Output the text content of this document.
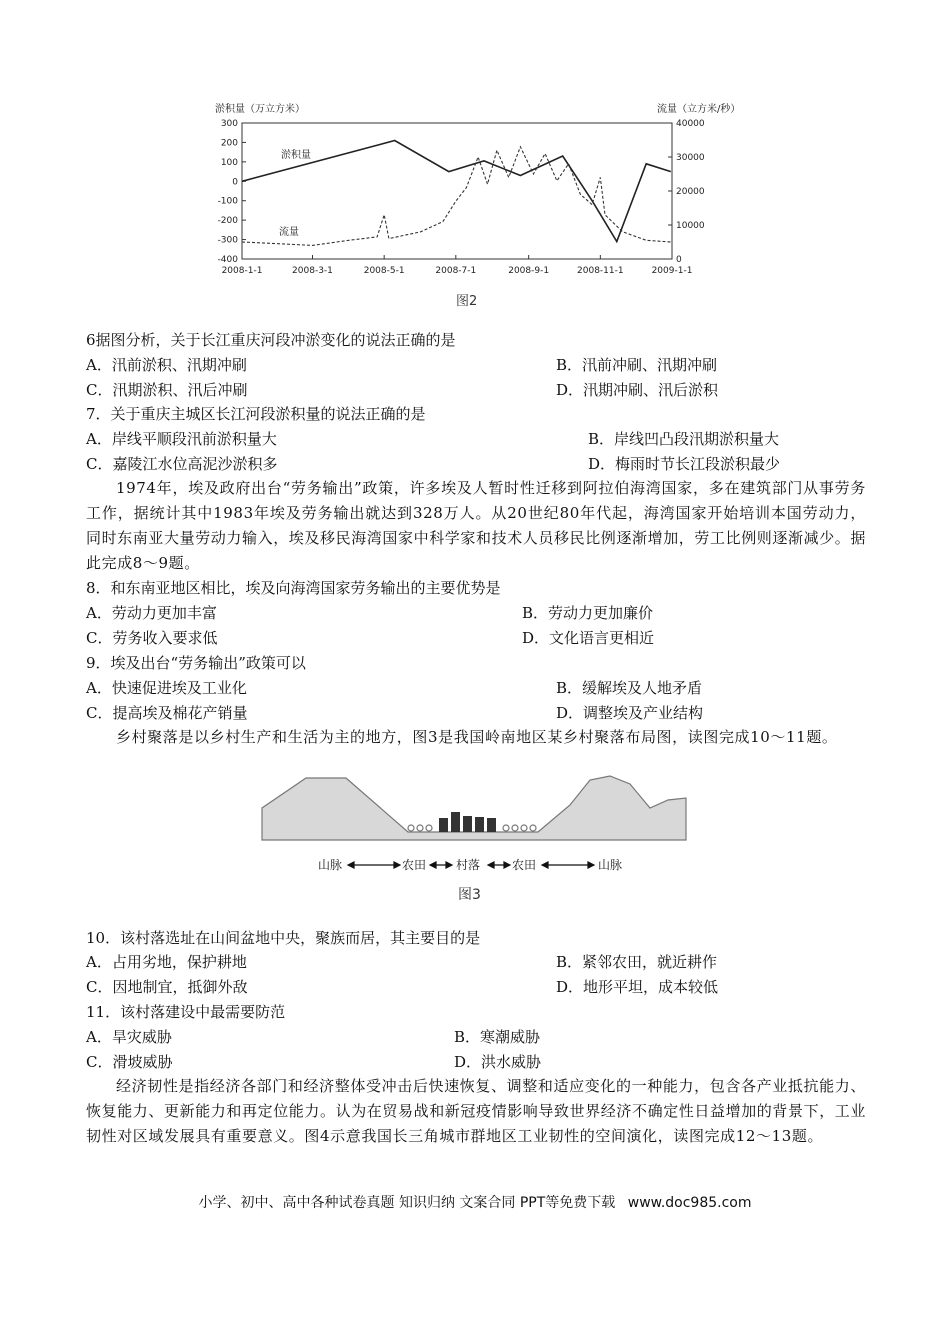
淤积量（万立方米）	流量（立方米/秒）
300
200
100
0
-100
-200
-300
-400
40000
30000
20000
10000
0
2008-1-1	2008-3-1	2008-5-1	2008-7-1	2008-9-1	2008-11-1	2009-1-1
淤积量
流量
图2
6据图分析，关于长江重庆河段冲淤变化的说法正确的是
A．汛前淤积、汛期冲刷	B．汛前冲刷、汛期冲刷
C．汛期淤积、汛后冲刷	D．汛期冲刷、汛后淤积
7．关于重庆主城区长江河段淤积量的说法正确的是
A．岸线平顺段汛前淤积量大	B．岸线凹凸段汛期淤积量大
C．嘉陵江水位高泥沙淤积多	D．梅雨时节长江段淤积最少
1974年，埃及政府出台“劳务输出”政策，许多埃及人暂时性迁移到阿拉伯海湾国家，多在建筑部门从事劳务工作，据统计其中1983年埃及劳务输出就达到328万人。从20世纪80年代起，海湾国家开始培训本国劳动力，同时东南亚大量劳动力输入，埃及移民海湾国家中科学家和技术人员移民比例逐渐增加，劳工比例则逐渐减少。据此完成8～9题。
8．和东南亚地区相比，埃及向海湾国家劳务输出的主要优势是
A．劳动力更加丰富	B．劳动力更加廉价
C．劳务收入要求低	D．文化语言更相近
9．埃及出台“劳务输出”政策可以
A．快速促进埃及工业化	B．缓解埃及人地矛盾
C．提高埃及棉花产销量	D．调整埃及产业结构
乡村聚落是以乡村生产和生活为主的地方，图3是我国岭南地区某乡村聚落布局图，读图完成10～11题。
山脉	农田 村落	农田	山脉
图3
10．该村落选址在山间盆地中央，聚族而居，其主要目的是
A．占用劣地，保护耕地	B．紧邻农田，就近耕作
C．因地制宜，抵御外敌	D．地形平坦，成本较低
11．该村落建设中最需要防范
A．旱灾威胁	B．寒潮威胁
C．滑坡威胁	D．洪水威胁
经济韧性是指经济各部门和经济整体受冲击后快速恢复、调整和适应变化的一种能力，包含各产业抵抗能力、恢复能力、更新能力和再定位能力。认为在贸易战和新冠疫情影响导致世界经济不确定性日益增加的背景下，工业韧性对区域发展具有重要意义。图4示意我国长三角城市群地区工业韧性的空间演化，读图完成12～13题。
小学、初中、高中各种试卷真题 知识归纳 文案合同 PPT等免费下载 www.doc985.com
